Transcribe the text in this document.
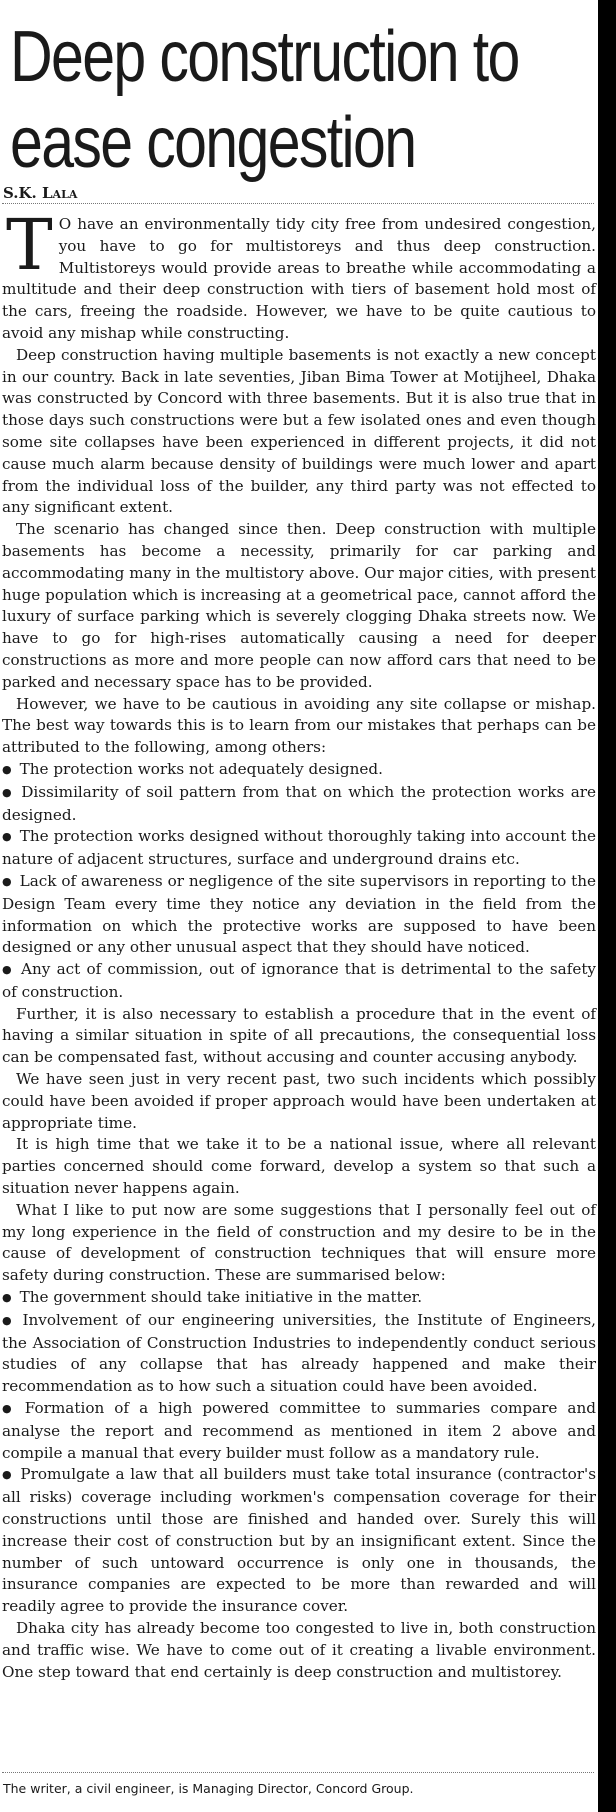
Deep construction to
ease congestion
S.K. Lala

T O have an environmentally tidy city free from undesired congestion, you have to go for multistoreys and thus deep construction. Multistoreys would provide areas to breathe while accommodating a multitude and their deep construction with tiers of basement hold most of the cars, freeing the roadside. However, we have to be quite cautious to avoid any mishap while constructing.

Deep construction having multiple basements is not exactly a new concept in our country. Back in late seventies, Jiban Bima Tower at Motijheel, Dhaka was constructed by Concord with three basements. But it is also true that in those days such constructions were but a few isolated ones and even though some site collapses have been experienced in different projects, it did not cause much alarm because density of buildings were much lower and apart from the individual loss of the builder, any third party was not effected to any significant extent.

The scenario has changed since then. Deep construction with multiple basements has become a necessity, primarily for car parking and accommodating many in the multistory above. Our major cities, with present huge population which is increasing at a geometrical pace, cannot afford the luxury of surface parking which is severely clogging Dhaka streets now. We have to go for high-rises automatically causing a need for deeper constructions as more and more people can now afford cars that need to be parked and necessary space has to be provided.

However, we have to be cautious in avoiding any site collapse or mishap. The best way towards this is to learn from our mistakes that perhaps can be attributed to the following, among others:

● The protection works not adequately designed.

● Dissimilarity of soil pattern from that on which the protection works are designed.

● The protection works designed without thoroughly taking into account the nature of adjacent structures, surface and underground drains etc.

● Lack of awareness or negligence of the site supervisors in reporting to the Design Team every time they notice any deviation in the field from the information on which the protective works are supposed to have been designed or any other unusual aspect that they should have noticed.

● Any act of commission, out of ignorance that is detrimental to the safety of construction.

Further, it is also necessary to establish a procedure that in the event of having a similar situation in spite of all precautions, the consequential loss can be compensated fast, without accusing and counter accusing anybody.

We have seen just in very recent past, two such incidents which possibly could have been avoided if proper approach would have been undertaken at appropriate time.

It is high time that we take it to be a national issue, where all relevant parties concerned should come forward, develop a system so that such a situation never happens again.

What I like to put now are some suggestions that I personally feel out of my long experience in the field of construction and my desire to be in the cause of development of construction techniques that will ensure more safety during construction. These are summarised below:

● The government should take initiative in the matter.

● Involvement of our engineering universities, the Institute of Engineers, the Association of Construction Industries to independently conduct serious studies of any collapse that has already happened and make their recommendation as to how such a situation could have been avoided.

● Formation of a high powered committee to summaries compare and analyse the report and recommend as mentioned in item 2 above and compile a manual that every builder must follow as a mandatory rule.

● Promulgate a law that all builders must take total insurance (contractor's all risks) coverage including workmen's compensation coverage for their constructions until those are finished and handed over. Surely this will increase their cost of construction but by an insignificant extent. Since the number of such untoward occurrence is only one in thousands, the insurance companies are expected to be more than rewarded and will readily agree to provide the insurance cover.

Dhaka city has already become too congested to live in, both construction and traffic wise. We have to come out of it creating a livable environment. One step toward that end certainly is deep construction and multistorey.

The writer, a civil engineer, is Managing Director, Concord Group.
